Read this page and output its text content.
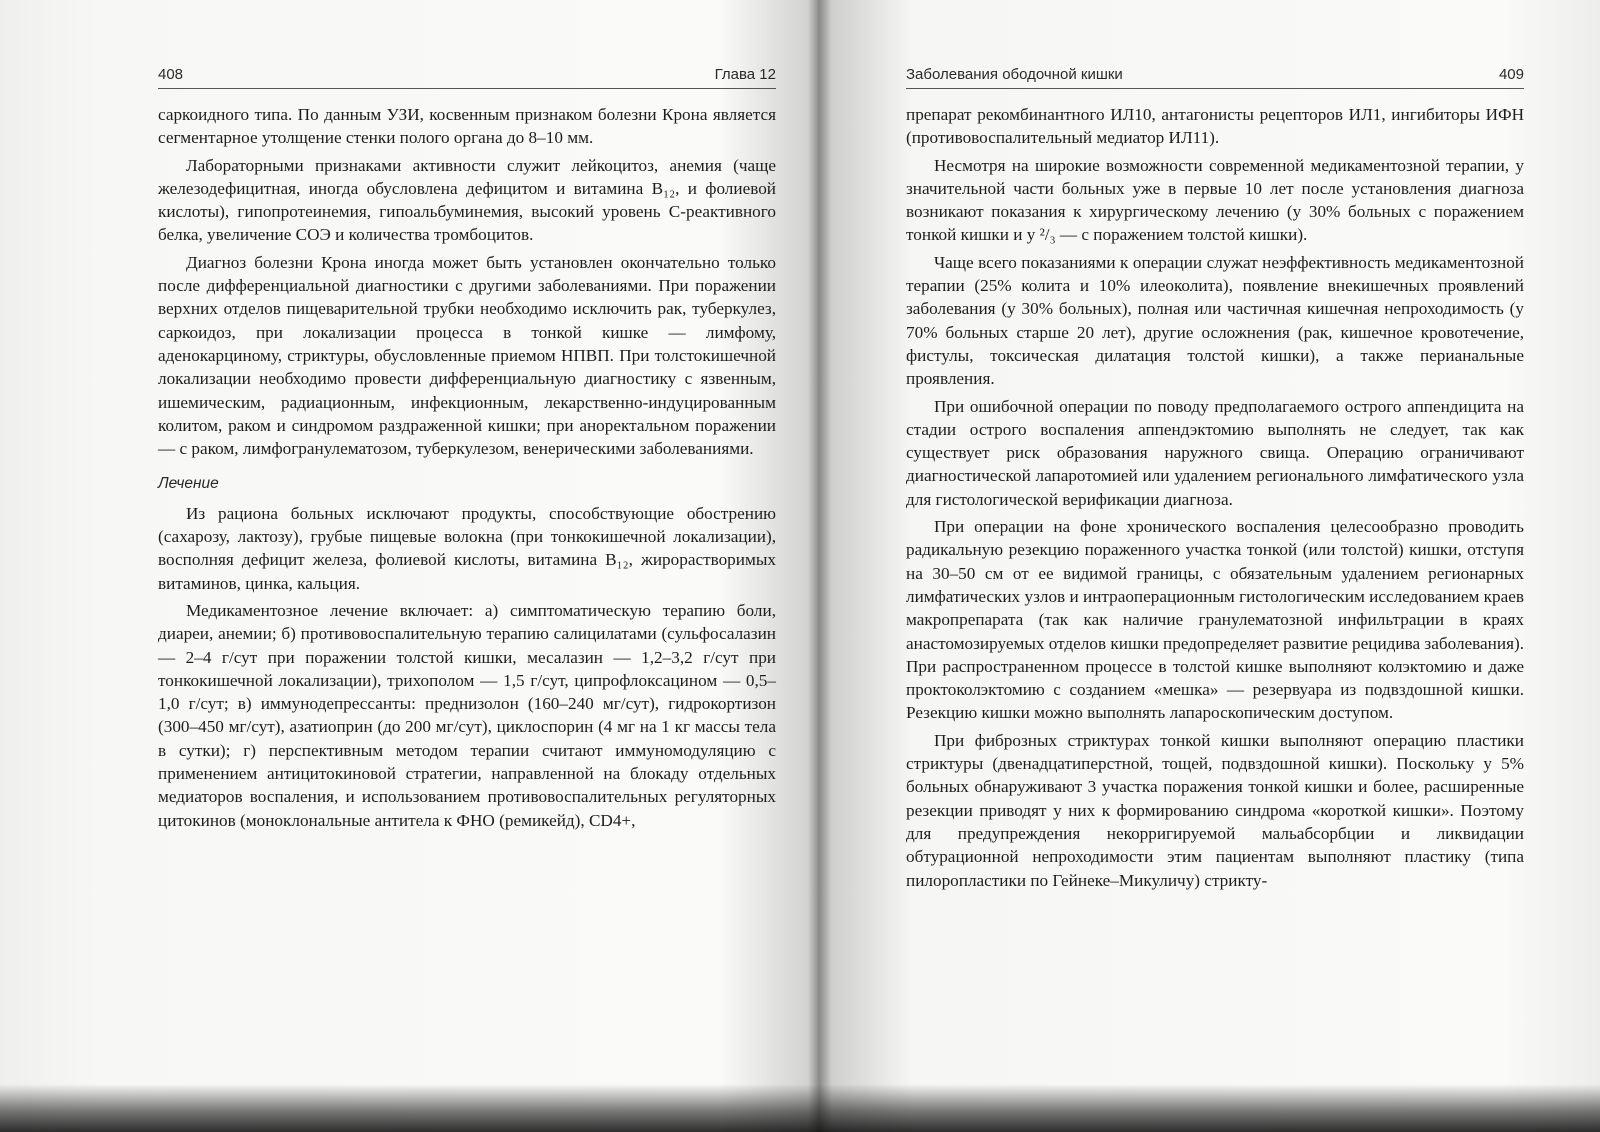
408	Глава 12

саркоидного типа. По данным УЗИ, косвенным признаком болезни Крона является сегментарное утолщение стенки полого органа до 8–10 мм.

Лабораторными признаками активности служит лейкоцитоз, анемия (чаще железодефицитная, иногда обусловлена дефицитом и витамина B₁₂, и фолиевой кислоты), гипопротеинемия, гипоальбуминемия, высокий уровень С-реактивного белка, увеличение СОЭ и количества тромбоцитов.

Диагноз болезни Крона иногда может быть установлен окончательно только после дифференциальной диагностики с другими заболеваниями. При поражении верхних отделов пищеварительной трубки необходимо исключить рак, туберкулез, саркоидоз, при локализации процесса в тонкой кишке — лимфому, аденокарциному, стриктуры, обусловленные приемом НПВП. При толстокишечной локализации необходимо провести дифференциальную диагностику с язвенным, ишемическим, радиационным, инфекционным, лекарственно-индуцированным колитом, раком и синдромом раздраженной кишки; при аноректальном поражении — с раком, лимфогранулематозом, туберкулезом, венерическими заболеваниями.

Лечение

Из рациона больных исключают продукты, способствующие обострению (сахарозу, лактозу), грубые пищевые волокна (при тонкокишечной локализации), восполняя дефицит железа, фолиевой кислоты, витамина B₁₂, жирорастворимых витаминов, цинка, кальция.

Медикаментозное лечение включает: а) симптоматическую терапию боли, диареи, анемии; б) противовоспалительную терапию салицилатами (сульфосалазин — 2–4 г/сут при поражении толстой кишки, месалазин — 1,2–3,2 г/сут при тонкокишечной локализации), трихополом — 1,5 г/сут, ципрофлоксацином — 0,5–1,0 г/сут; в) иммунодепрессанты: преднизолон (160–240 мг/сут), гидрокортизон (300–450 мг/сут), азатиоприн (до 200 мг/сут), циклоспорин (4 мг на 1 кг массы тела в сутки); г) перспективным методом терапии считают иммуномодуляцию с применением антицитокиновой стратегии, направленной на блокаду отдельных медиаторов воспаления, и использованием противовоспалительных регуляторных цитокинов (моноклональные антитела к ФНО (ремикейд), CD4+,

Заболевания ободочной кишки	409

препарат рекомбинантного ИЛ10, антагонисты рецепторов ИЛ1, ингибиторы ИФН (противовоспалительный медиатор ИЛ11).

Несмотря на широкие возможности современной медикаментозной терапии, у значительной части больных уже в первые 10 лет после установления диагноза возникают показания к хирургическому лечению (у 30% больных с поражением тонкой кишки и у ²/₃ — с поражением толстой кишки).

Чаще всего показаниями к операции служат неэффективность медикаментозной терапии (25% колита и 10% илеоколита), появление внекишечных проявлений заболевания (у 30% больных), полная или частичная кишечная непроходимость (у 70% больных старше 20 лет), другие осложнения (рак, кишечное кровотечение, фистулы, токсическая дилатация толстой кишки), а также перианальные проявления.

При ошибочной операции по поводу предполагаемого острого аппендицита на стадии острого воспаления аппендэктомию выполнять не следует, так как существует риск образования наружного свища. Операцию ограничивают диагностической лапаротомией или удалением регионального лимфатического узла для гистологической верификации диагноза.

При операции на фоне хронического воспаления целесообразно проводить радикальную резекцию пораженного участка тонкой (или толстой) кишки, отступя на 30–50 см от ее видимой границы, с обязательным удалением регионарных лимфатических узлов и интраоперационным гистологическим исследованием краев макропрепарата (так как наличие гранулематозной инфильтрации в краях анастомозируемых отделов кишки предопределяет развитие рецидива заболевания). При распространенном процессе в толстой кишке выполняют колэктомию и даже проктоколэктомию с созданием «мешка» — резервуара из подвздошной кишки. Резекцию кишки можно выполнять лапароскопическим доступом.

При фиброзных стриктурах тонкой кишки выполняют операцию пластики стриктуры (двенадцатиперстной, тощей, подвздошной кишки). Поскольку у 5% больных обнаруживают 3 участка поражения тонкой кишки и более, расширенные резекции приводят у них к формированию синдрома «короткой кишки». Поэтому для предупреждения некорригируемой мальабсорбции и ликвидации обтурационной непроходимости этим пациентам выполняют пластику (типа пилоропластики по Гейнеке–Микуличу) стрикту-
